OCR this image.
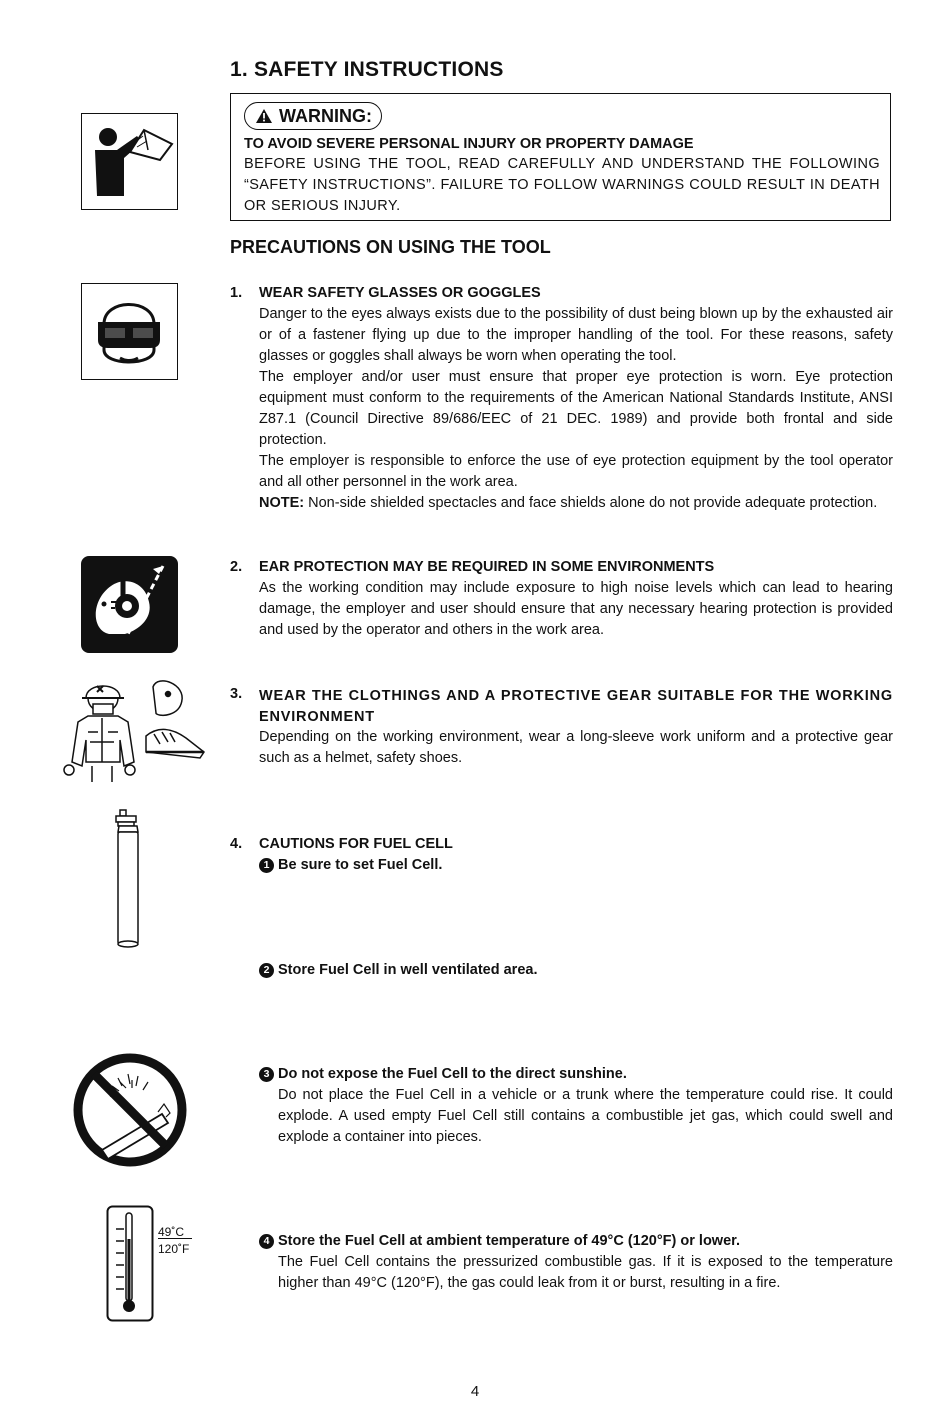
1. SAFETY INSTRUCTIONS
WARNING:
TO AVOID SEVERE PERSONAL INJURY OR PROPERTY DAMAGE
BEFORE USING THE TOOL, READ CAREFULLY AND UNDERSTAND THE FOLLOWING “SAFETY INSTRUCTIONS”. FAILURE TO FOLLOW WARNINGS COULD RESULT IN DEATH OR SERIOUS INJURY.
PRECAUTIONS ON USING THE TOOL
1. WEAR SAFETY GLASSES OR GOGGLES
Danger to the eyes always exists due to the possibility of dust being blown up by the exhausted air or of a fastener flying up due to the improper handling of the tool. For these reasons, safety glasses or goggles shall always be worn when operating the tool.
The employer and/or user must ensure that proper eye protection is worn. Eye protection equipment must conform to the requirements of the American National Standards Institute, ANSI Z87.1 (Council Directive 89/686/EEC of 21 DEC. 1989) and provide both frontal and side protection.
The employer is responsible to enforce the use of eye protection equipment by the tool operator and all other personnel in the work area.
NOTE: Non-side shielded spectacles and face shields alone do not provide adequate protection.
2. EAR PROTECTION MAY BE REQUIRED IN SOME ENVIRONMENTS
As the working condition may include exposure to high noise levels which can lead to hearing damage, the employer and user should ensure that any necessary hearing protection is provided and used by the operator and others in the work area.
3. WEAR THE CLOTHINGS AND A PROTECTIVE GEAR SUITABLE FOR THE WORKING ENVIRONMENT
Depending on the working environment, wear a long-sleeve work uniform and a protective gear such as a helmet, safety shoes.
4. CAUTIONS FOR FUEL CELL
1 Be sure to set Fuel Cell.
2 Store Fuel Cell in well ventilated area.
3 Do not expose the Fuel Cell to the direct sunshine.
Do not place the Fuel Cell in a vehicle or a trunk where the temperature could rise. It could explode. A used empty Fuel Cell still contains a combustible jet gas, which could swell and explode a container into pieces.
49˚C
120˚F
4 Store the Fuel Cell at ambient temperature of 49°C (120°F) or lower.
The Fuel Cell contains the pressurized combustible gas. If it is exposed to the temperature higher than 49°C (120°F), the gas could leak from it or burst, resulting in a fire.
4
